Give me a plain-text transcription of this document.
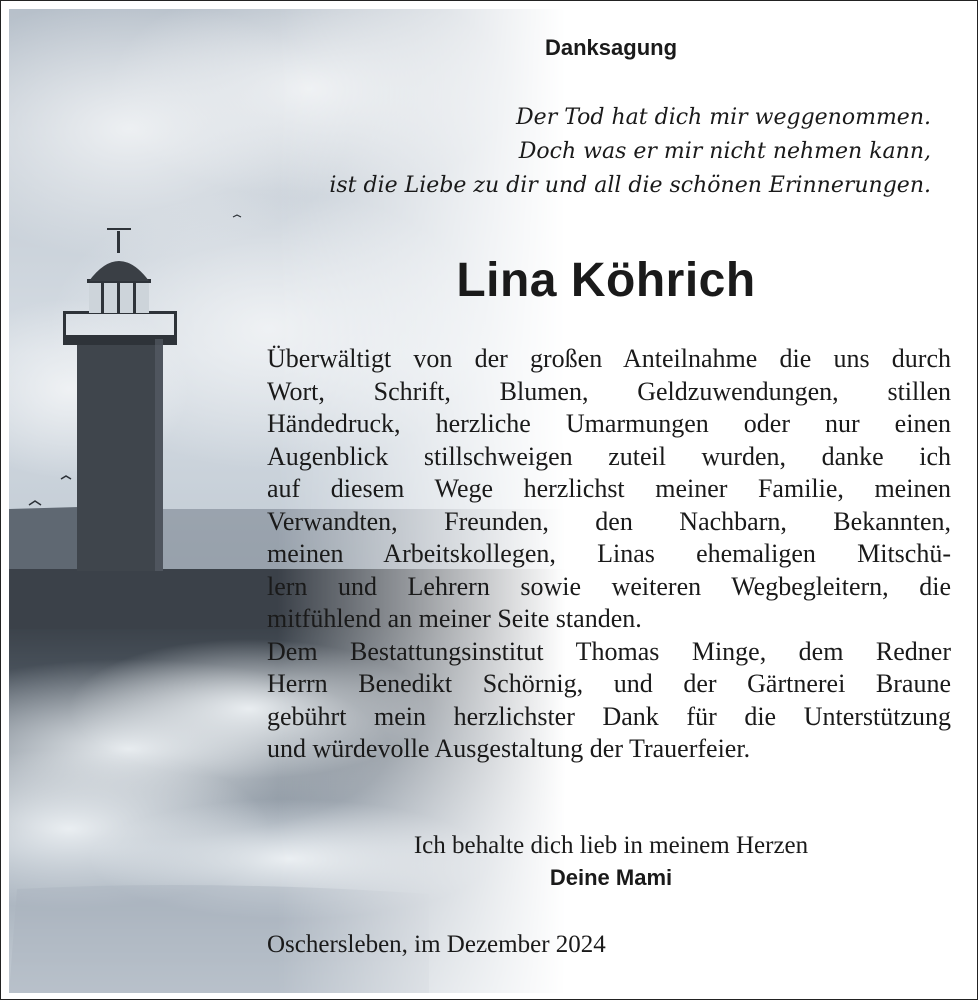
Danksagung
Der Tod hat dich mir weggenommen.
Doch was er mir nicht nehmen kann,
ist die Liebe zu dir und all die schönen Erinnerungen.
Lina Köhrich
Überwältigt von der großen Anteilnahme die uns durch
Wort, Schrift, Blumen, Geldzuwendungen, stillen
Händedruck, herzliche Umarmungen oder nur einen
Augenblick stillschweigen zuteil wurden, danke ich
auf diesem Wege herzlichst meiner Familie, meinen
Verwandten, Freunden, den Nachbarn, Bekannten,
meinen Arbeitskollegen, Linas ehemaligen Mitschü-
lern und Lehrern sowie weiteren Wegbegleitern, die
mitfühlend an meiner Seite standen.
Dem Bestattungsinstitut Thomas Minge, dem Redner
Herrn Benedikt Schörnig, und der Gärtnerei Braune
gebührt mein herzlichster Dank für die Unterstützung
und würdevolle Ausgestaltung der Trauerfeier.
Ich behalte dich lieb in meinem Herzen
Deine Mami
Oschersleben, im Dezember 2024
